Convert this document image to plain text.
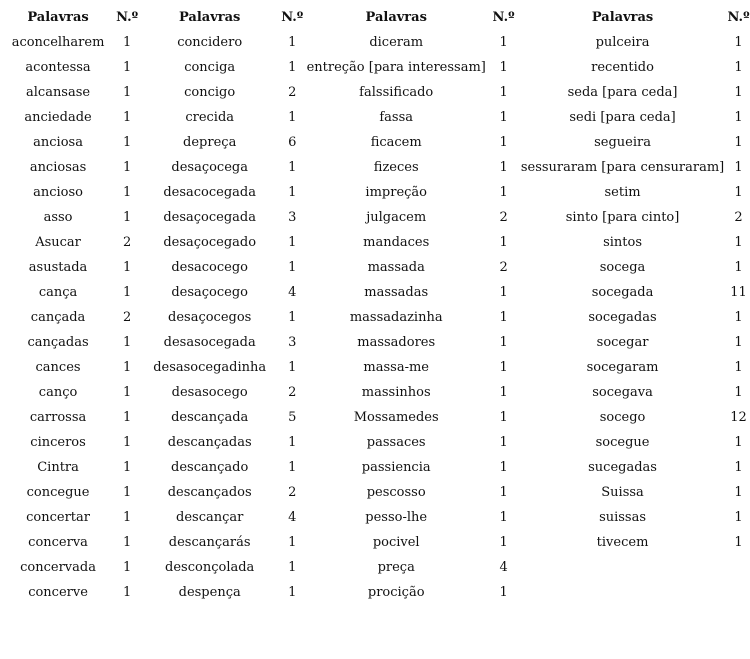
Palavras	N.º	Palavras	N.º	Palavras	N.º	Palavras	N.º
aconcelharem	1	concidero	1	diceram	1	pulceira	1
acontessa	1	conciga	1	entreção [para interessam]	1	recentido	1
alcansase	1	concigo	2	falssificado	1	seda [para ceda]	1
anciedade	1	crecida	1	fassa	1	sedi [para ceda]	1
anciosa	1	depreça	6	ficacem	1	segueira	1
anciosas	1	desaçocega	1	fizeces	1	sessuraram [para censuraram]	1
ancioso	1	desacocegada	1	impreção	1	setim	1
asso	1	desaçocegada	3	julgacem	2	sinto [para cinto]	2
Asucar	2	desaçocegado	1	mandaces	1	sintos	1
asustada	1	desacocego	1	massada	2	socega	1
cança	1	desaçocego	4	massadas	1	socegada	11
cançada	2	desaçocegos	1	massadazinha	1	socegadas	1
cançadas	1	desasocegada	3	massadores	1	socegar	1
cances	1	desasocegadinha	1	massa-me	1	socegaram	1
canço	1	desasocego	2	massinhos	1	socegava	1
carrossa	1	descançada	5	Mossamedes	1	socego	12
cinceros	1	descançadas	1	passaces	1	socegue	1
Cintra	1	descançado	1	passiencia	1	sucegadas	1
concegue	1	descançados	2	pescosso	1	Suissa	1
concertar	1	descançar	4	pesso-lhe	1	suissas	1
concerva	1	descançarás	1	pocivel	1	tivecem	1
concervada	1	desconçolada	1	preça	4		
concerve	1	despença	1	procição	1		
